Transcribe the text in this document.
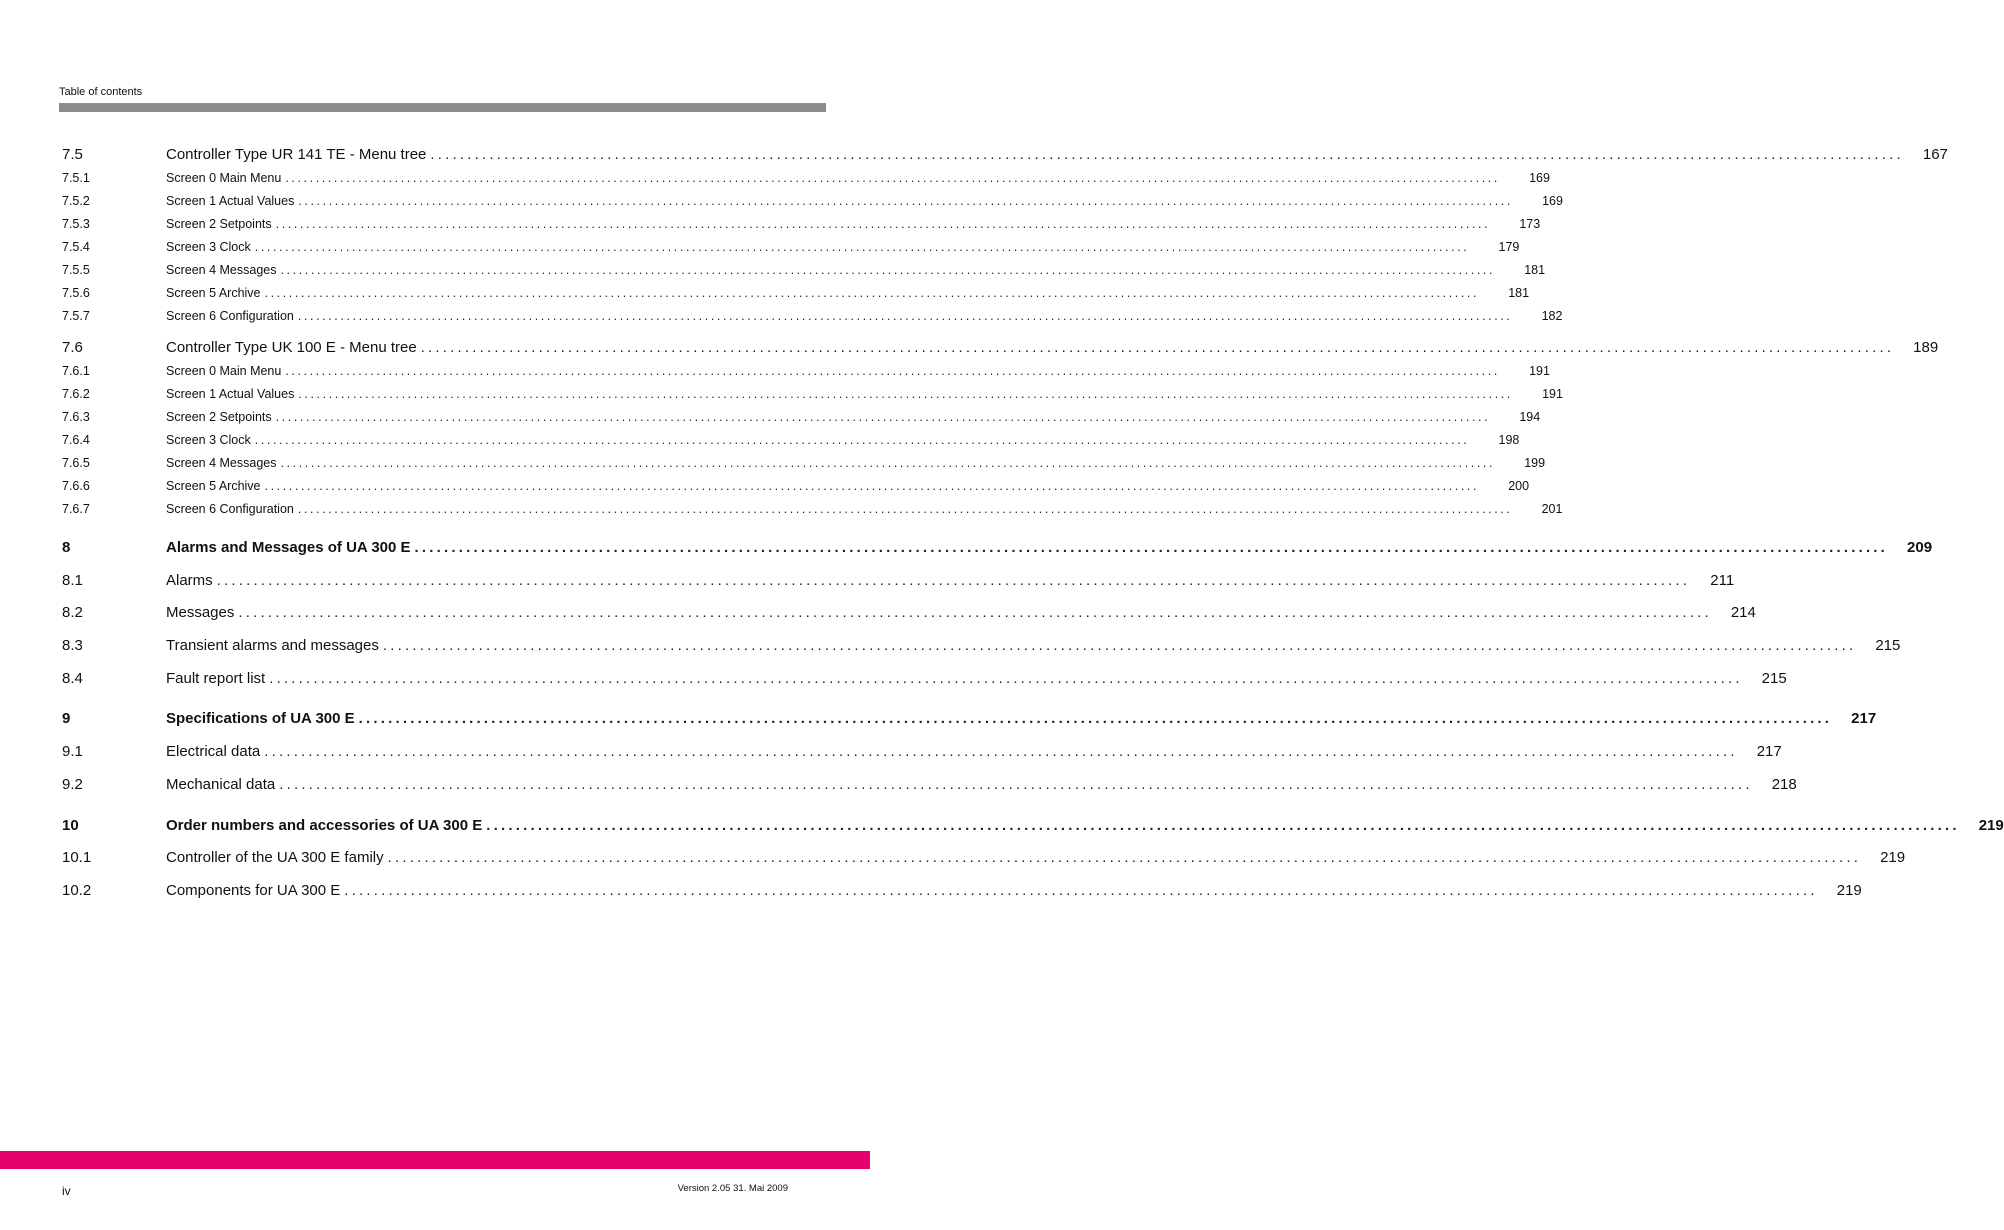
Table of contents
7.5	Controller Type UR 141 TE - Menu tree ........................................................................................................................................................................................................	167
7.5.1	Screen 0 Main Menu ........................................................................................................................................................................................................ 169
7.5.2	Screen 1 Actual Values ........................................................................................................................................................................................................ 169
7.5.3	Screen 2 Setpoints ........................................................................................................................................................................................................ 173
7.5.4	Screen 3 Clock ........................................................................................................................................................................................................ 179
7.5.5	Screen 4 Messages ........................................................................................................................................................................................................ 181
7.5.6	Screen 5 Archive ........................................................................................................................................................................................................ 181
7.5.7	Screen 6 Configuration ........................................................................................................................................................................................................ 182
7.6	Controller Type UK 100 E - Menu tree ........................................................................................................................................................................................................	189
7.6.1	Screen 0 Main Menu ........................................................................................................................................................................................................ 191
7.6.2	Screen 1 Actual Values ........................................................................................................................................................................................................ 191
7.6.3	Screen 2 Setpoints ........................................................................................................................................................................................................ 194
7.6.4	Screen 3 Clock ........................................................................................................................................................................................................ 198
7.6.5	Screen 4 Messages ........................................................................................................................................................................................................ 199
7.6.6	Screen 5 Archive ........................................................................................................................................................................................................ 200
7.6.7	Screen 6 Configuration ........................................................................................................................................................................................................ 201
8	Alarms and Messages of UA 300 E ........................................................................................................................................................................................................	209
8.1	Alarms ........................................................................................................................................................................................................	211
8.2	Messages ........................................................................................................................................................................................................	214
8.3	Transient alarms and messages ........................................................................................................................................................................................................	215
8.4	Fault report list ........................................................................................................................................................................................................	215
9	Specifications of UA 300 E ........................................................................................................................................................................................................	217
9.1	Electrical data ........................................................................................................................................................................................................	217
9.2	Mechanical data ........................................................................................................................................................................................................	218
10	Order numbers and accessories of UA 300 E ........................................................................................................................................................................................................	219
10.1	Controller of the UA 300 E family ........................................................................................................................................................................................................	219
10.2	Components for UA 300 E ........................................................................................................................................................................................................	219
iv	Version 2.05 31. Mai 2009
